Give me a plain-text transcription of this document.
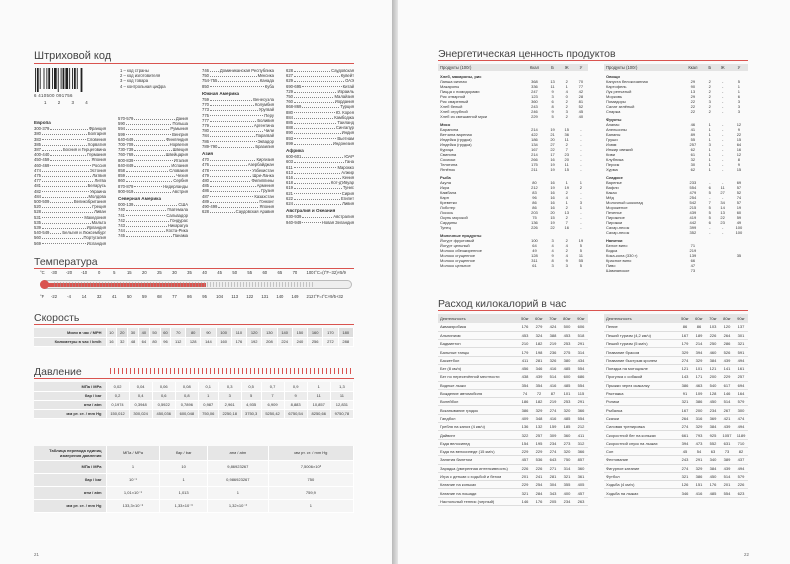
Штриховой код
6 410500 091756
1	2	3	4
1 – код страны
2 – код изготовителя
3 – код товара
4 – контрольная цифра
Европа
300-379	Франция
380	Болгария
383	Словения
385	Хорватия
387	Босния и Герцеговина
400-440	Германия
450-459	Япония
460-469	Россия
474	Эстония
475	Латвия
477	Литва
481	Беларусь
482	Украина
484	Молдова
500-509	Великобритания
520	Греция
528	Ливан
531	Македония
535	Мальта
539	Ирландия
540-549	Бельгия и Люксембург
560	Португалия
569	Исландия
570-579	Дания
590	Польша
594	Румыния
599	Венгрия
640-649	Финляндия
700-709	Норвегия
730-739	Швеция
760-769	Швейцария
800-839	Италия
840-849	Испания
858	Словакия
859	Чехия
860	Сербия
870-879	Нидерланды
900-919	Австрия
Северная Америка
000-139	США
740	Гватемала
741	Сальвадор
742	Гондурас
743	Никарагуа
744	Коста-Рика
745	Панама
746	Доминиканская Республика
750	Мексика
754-755	Канада
850	Куба
Южная Америка
759	Венесуэла
770	Колумбия
773	Уругвай
775	Перу
777	Боливия
779	Аргентина
780	Чили
784	Парагвай
786	Эквадор
789-790	Бразилия
Азия
470	Киргизия
476	Азербайджан
478	Узбекистан
479	Шри-Ланка
480	Филиппины
485	Армения
486	Грузия
487	Казахстан
489	Гонконг
490-499	Япония
628	Саудовская Аравия
628	Саудовская
627	Кувейт
629	ОАЭ
690-695	Китай
729	Израиль
750	Малайзия
760	Иордания
868-869	Турция
880	Ю. Корея
884	Камбоджа
885	Таиланд
888	Сингапур
890	Индия
893	Вьетнам
899	Индонезия
Африка
600-601	ЮАР
603	Гана
611	Марокко
613	Алжир
616	Кения
618	Кот-д'Ивуар
619	Тунис
621	Сирия
622	Египет
624	Ливия
Австралия и Океания
930-939	Австралия
940-949	Новая Зеландия
Температура
°C -30 -20 -10	0	5	15 20 25 30 35 40 45 50 55 60 65 70 100 t°C=(t°F−32)×5/9
°F -22 -4	14 32 41 50 59 68 77 86 95 104 113 122 131 140 149 212 t°F=t°C×9/5+32
Скорость
Мили в час / MPH	10	20	30	40	50	60	70	80	90	100	110	120	130	140	150	160	170	180
Километры в час / km/h	16	32	48	64	80	96	112	128	144	160	176	192	208	224	240	256	272	288
Давление
МПа / MPa	0,02	0,04	0,06	0,08	0,1	0,3	0,5	0,7	0,9	1	1,3
бар / bar	0,2	0,4	0,6	0,8	1	3	5	7	9	11	11
атм / atm	0,1974	0,3948	0,5922	0,7896	0,987	2,961	4,935	6,909	8,883	10,857	12,831
мм рт. ст. / mm Hg	150,012	300,024	450,036	600,048	750,06	2250,18	3750,3	5250,42	6750,54	8250,66	9750,78
Таблица перевода единиц измерения давления	МПа / MPa	бар / bar	атм / atm	мм рт. ст. / mm Hg
МПа / MPa	1	10	9,86923267	7,5006×10³
бар / bar	10⁻¹	1	0,986923267	750
атм / atm	1,01×10⁻¹	1,013	1	759,9
мм рт. ст. / mm Hg	133,3×10⁻⁶	1,33×10⁻³	1,32×10⁻³	1
21
Энергетическая ценность продуктов
Продукты (100г)	Ккал	Б	Ж	У
Хлеб, макароны, рис				
Лапша яичная	368	13	2	70
Макароны	336	11	1	77
Пицца с помидорами	247	9	4	42
Рис отварной	123	3	0	28
Рис сваренный	360	6	2	81
Хлеб белый	243	8	2	52
Хлеб отрубной	246	9	3	45
Хлеб из смешанной муки	229	5	2	40
Мясо				
Баранина	214	19	15	-
Ветчина вареная	422	21	36	-
Индейка (грудка)	186	20	11	-
Индейка (грудка)	134	27	2	-
Курица	167	22	7	-
Свинина	214	17	23	-
Сосиски	266	16	20	-
Телятина	175	19	11	-
Ягнёнок	211	19	15	-
Рыба				
Акула	80	16	1	1
Икра	212	19	19	2
Камбала	83	16	2	-
Карп	96	16	4	-
Креветки	86	16	1	3
Лобстер	86	16	2	1
Лосось	203	20	13	-
Окунь морской	75	15	2	-
Сардины	136	19	7	-
Тунец	226	22	16	-
Молочные продукты				
Йогурт фруктовый	100	3	2	19
Йогурт цельный	64	4	4	5
Молоко обезжиренное	49	4	2	5
Молоко сгущенное	128	9	4	11
Молоко сгущенное	311	8	9	55
Молоко цельное	61	3	3	5
Продукты (100г)	Ккал	Б	Ж	У
Овощи				
Капуста белокочанная	29	2	-	5
Картофель	90	2	-	1
Лук репчатый	13	2	-	1
Морковь	29	2	-	6
Помидоры	22	3	-	3
Салат зелёный	22	2	-	3
Спаржа	22	2	-	3
Фрукты				
Ананас	46	1	-	12
Апельсины	41	1	-	9
Бананы	89	1	-	22
Груши	55	1	-	15
Изюм	257	3	-	64
Инжир свежий	62	1	-	16
Киви	61	1	-	12
Клубника	32	1	-	8
Персик	30	1	-	9
Хурма	62	1	-	15
Сладкое				
Варенье	233	-	-	69
Вафли	554	6	11	57
Какао	479	5	27	52
Мёд	254	-	-	74
Молочный шоколад	542	7	34	57
Мороженое	215	5	14	19
Печенье	439	5	13	60
Пирожное	419	5	22	59
Пирожки	442	6	23	49
Сахар-песок	399	-	-	100
Сахар-песок	352	-	-	100
Напитки				
Белое вино	71			
Водка	219			
Кока-кола (330 г)	139			35
Красное вино	66			
Пиво	47			
Шампанское	73			
Расход килокалорий в час
Деятельность	50кг	60кг	70кг	80кг	90кг
Аквааэробика	176	279	424	500	606
Альпинизм	453	324	388	453	518
Бадминтон	210	182	219	253	291
Бальные танцы	179	198	236	275	314
Баскетбол	411	281	326	380	434
Бег (8 км/ч)	456	346	416	485	554
Бег по пересечённой местности	438	439	514	600	686
Водные лыжи	354	354	416	485	554
Вождение автомобиля	74	72	87	101	115
Волейбол	186	182	219	253	291
Вскапывание грядок	386	329	274	320	366
Гандбол	409	348	416	485	554
Гребля на каноэ (4 км/ч)	136	132	159	185	212
Дайвинг	322	257	309	360	411
Езда велосипед	154	195	234	273	312
Езда на велосипеде (15 км/ч)	229	229	274	320	366
Занятия балетом	457	536	643	750	857
Зарядка (умеренная интенсивность)	226	226	271	314	360
Игра с детьми с ходьбой и бегом	201	241	281	321	361
Катание на коньках	229	254	304	355	405
Катание на лошади	321	284	343	400	457
Настольный теннис (черный)	146	176	205	234	263
Деятельность	50кг	60кг	70кг	80кг	90кг
Пение	86	86	103	120	137
Пеший туризм (4,2 км/ч)	167	189	226	264	301
Пеший туризм (5 км/ч)	179	214	250	286	321
Плавание брасом	329	394	460	526	591
Плавание быстрым кролем	274	329	384	439	494
Поездка на мотоцикле	121	101	121	141	161
Прогулка с собакой	143	171	200	229	257
Прыжки через скакалку	386	463	540	617	694
Растяжка	91	109	128	146	164
Ролики	321	386	450	514	579
Рыбалка	167	200	234	267	300
Скачки	264	316	369	421	474
Силовая тренировка	274	329	384	439	494
Скоростной бег на коньках	661	793	925	1057	1189
Скоростной спуск на лыжах	394	473	552	631	710
Сон	45	54	63	73	82
Фехтование	243	291	340	389	437
Фигурное катание	274	329	384	439	494
Футбол	321	386	450	514	579
Ходьба (4 км/ч)	126	151	176	201	226
Ходьба на лыжах	346	416	485	554	623
22
